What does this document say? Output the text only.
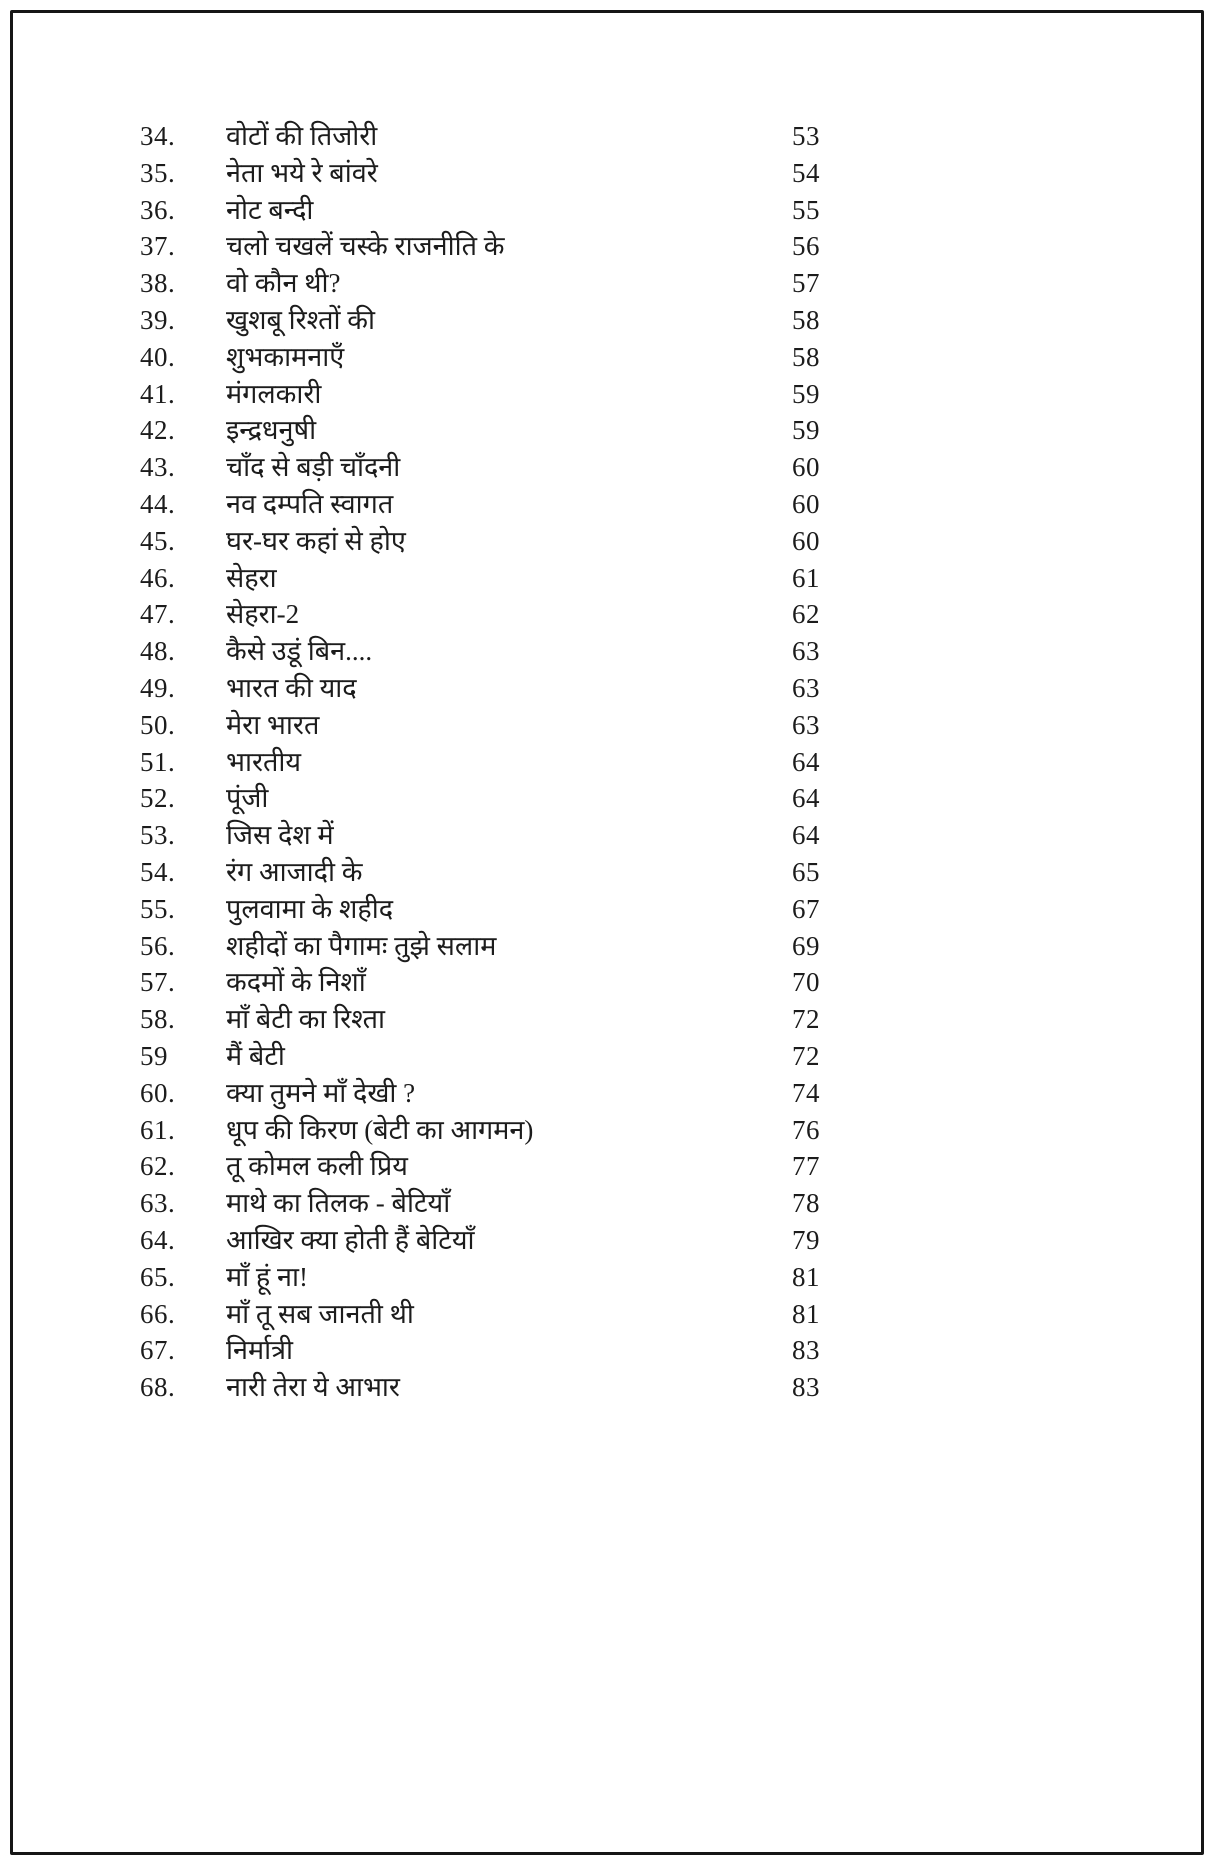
34.	वोटों की तिजोरी	53
35.	नेता भये रे बांवरे	54
36.	नोट बन्दी	55
37.	चलो चखलें चस्के राजनीति के	56
38.	वो कौन थी?	57
39.	खुशबू रिश्तों की	58
40.	शुभकामनाएँ	58
41.	मंगलकारी	59
42.	इन्द्रधनुषी	59
43.	चाँद से बड़ी चाँदनी	60
44.	नव दम्पति स्वागत	60
45.	घर-घर कहां से होए	60
46.	सेहरा	61
47.	सेहरा-2	62
48.	कैसे उडूं बिन....	63
49.	भारत की याद	63
50.	मेरा भारत	63
51.	भारतीय	64
52.	पूंजी	64
53.	जिस देश में	64
54.	रंग आजादी के	65
55.	पुलवामा के शहीद	67
56.	शहीदों का पैगामः तुझे सलाम	69
57.	कदमों के निशाँ	70
58.	माँ बेटी का रिश्ता	72
59	मैं बेटी	72
60.	क्या तुमने माँ देखी ?	74
61.	धूप की किरण (बेटी का आगमन)	76
62.	तू कोमल कली प्रिय	77
63.	माथे का तिलक - बेटियाँ	78
64.	आखिर क्या होती हैं बेटियाँ	79
65.	माँ हूं ना!	81
66.	माँ तू सब जानती थी	81
67.	निर्मात्री	83
68.	नारी तेरा ये आभार	83
